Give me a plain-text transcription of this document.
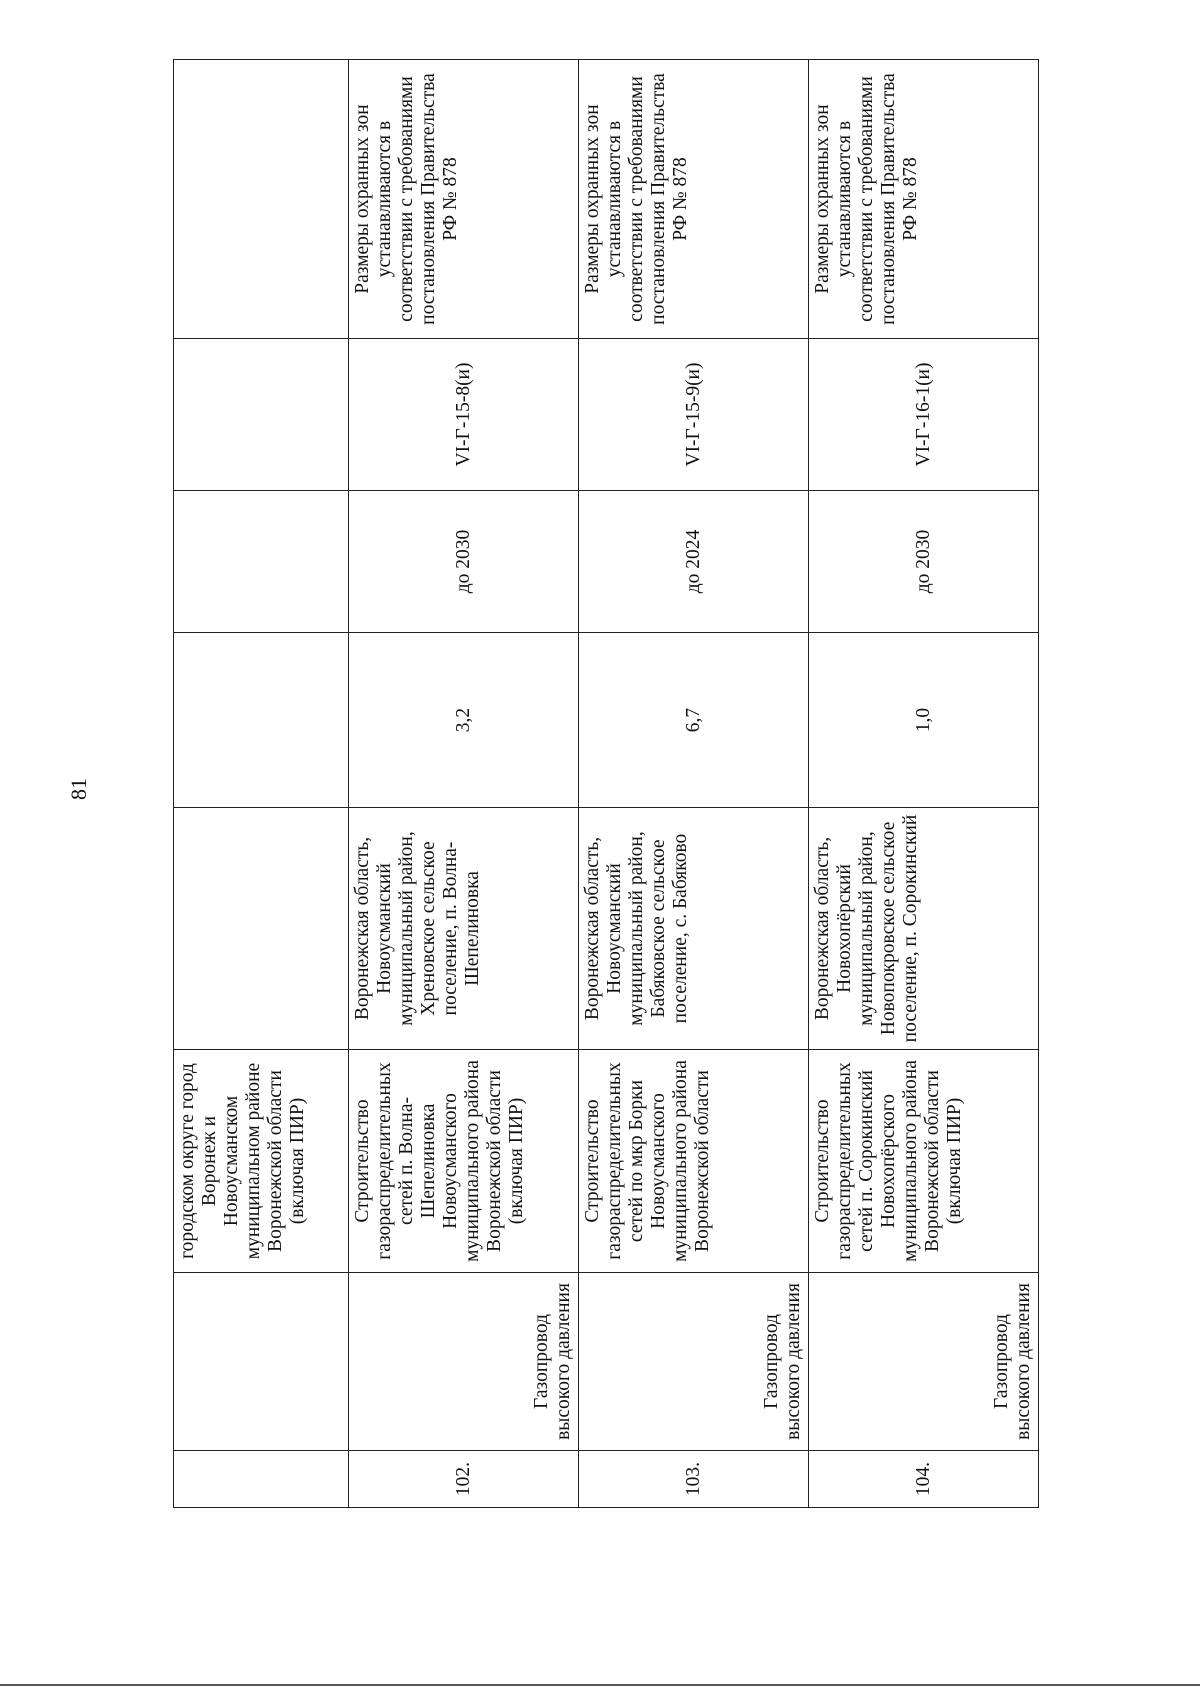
81
		городском округе город Воронеж и Новоусманском муниципальном районе Воронежской области (включая ПИР)					
102.	Газопровод высокого давления	Строительство газораспределительных сетей п. Волна-Шепелиновка Новоусманского муниципального района Воронежской области (включая ПИР)	Воронежская область, Новоусманский муниципальный район, Хреновское сельское поселение, п. Волна-Шепелиновка	3,2	до 2030	VI-Г-15-8(и)	Размеры охранных зон устанавливаются в соответствии с требованиями постановления Правительства РФ № 878
103.	Газопровод высокого давления	Строительство газораспределительных сетей по мкр Борки Новоусманского муниципального района Воронежской области	Воронежская область, Новоусманский муниципальный район, Бабяковское сельское поселение, с. Бабяково	6,7	до 2024	VI-Г-15-9(и)	Размеры охранных зон устанавливаются в соответствии с требованиями постановления Правительства РФ № 878
104.	Газопровод высокого давления	Строительство газораспределительных сетей п. Сорокинский Новохопёрского муниципального района Воронежской области (включая ПИР)	Воронежская область, Новохопёрский муниципальный район, Новопокровское сельское поселение, п. Сорокинский	1,0	до 2030	VI-Г-16-1(и)	Размеры охранных зон устанавливаются в соответствии с требованиями постановления Правительства РФ № 878
